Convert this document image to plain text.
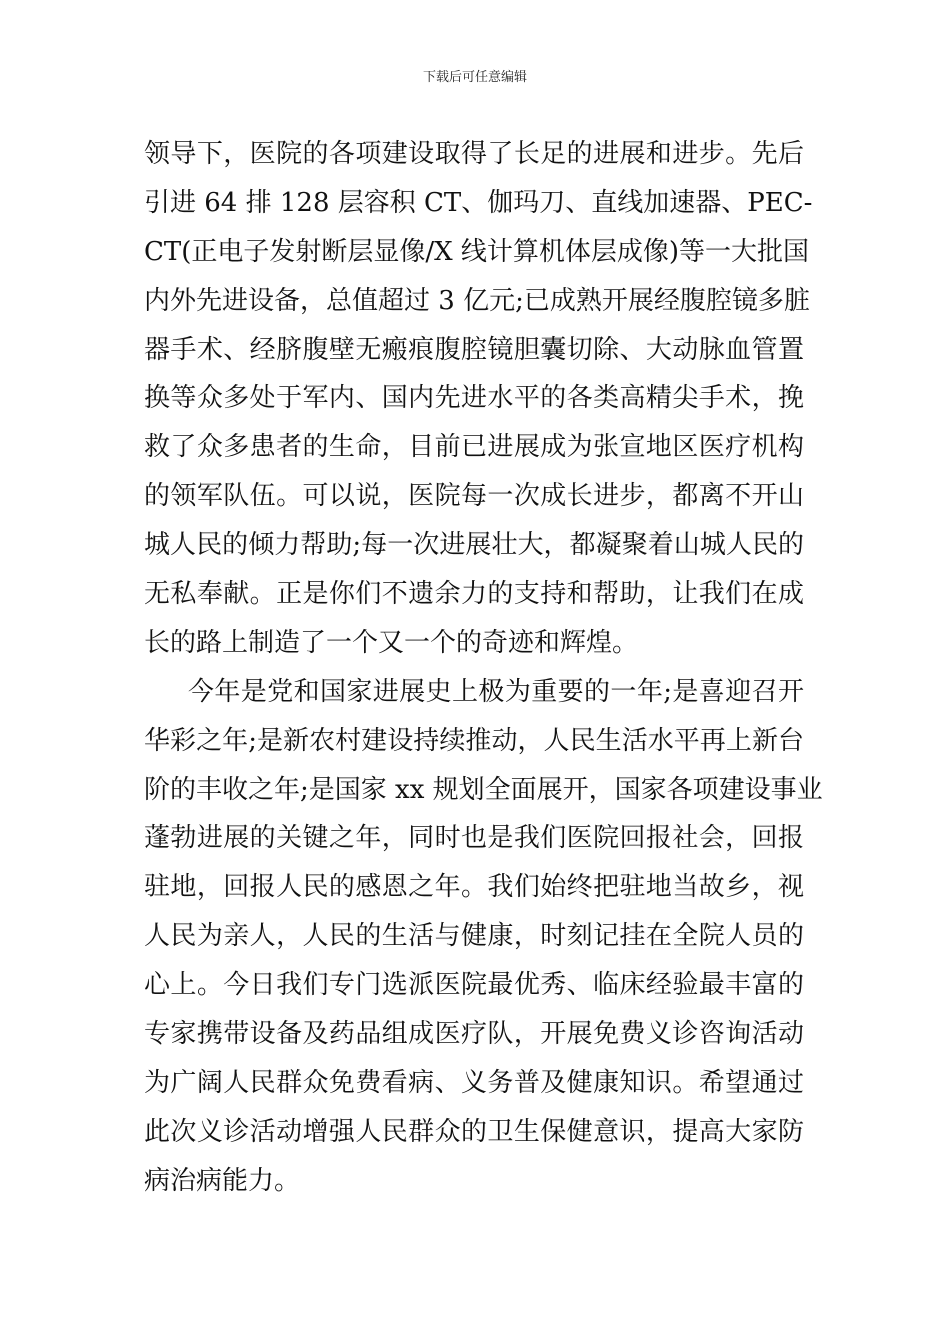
下载后可任意编辑
领导下，医院的各项建设取得了长足的进展和进步。先后
引进 64 排 128 层容积 CT、伽玛刀、直线加速器、PEC-
CT(正电子发射断层显像/X 线计算机体层成像)等一大批国
内外先进设备，总值超过 3 亿元;已成熟开展经腹腔镜多脏
器手术、经脐腹壁无瘢痕腹腔镜胆囊切除、大动脉血管置
换等众多处于军内、国内先进水平的各类高精尖手术，挽
救了众多患者的生命，目前已进展成为张宣地区医疗机构
的领军队伍。可以说，医院每一次成长进步，都离不开山
城人民的倾力帮助;每一次进展壮大，都凝聚着山城人民的
无私奉献。正是你们不遗余力的支持和帮助，让我们在成
长的路上制造了一个又一个的奇迹和辉煌。
今年是党和国家进展史上极为重要的一年;是喜迎召开
华彩之年;是新农村建设持续推动，人民生活水平再上新台
阶的丰收之年;是国家 xx 规划全面展开，国家各项建设事业
蓬勃进展的关键之年，同时也是我们医院回报社会，回报
驻地，回报人民的感恩之年。我们始终把驻地当故乡，视
人民为亲人，人民的生活与健康，时刻记挂在全院人员的
心上。今日我们专门选派医院最优秀、临床经验最丰富的
专家携带设备及药品组成医疗队，开展免费义诊咨询活动
为广阔人民群众免费看病、义务普及健康知识。希望通过
此次义诊活动增强人民群众的卫生保健意识，提高大家防
病治病能力。
